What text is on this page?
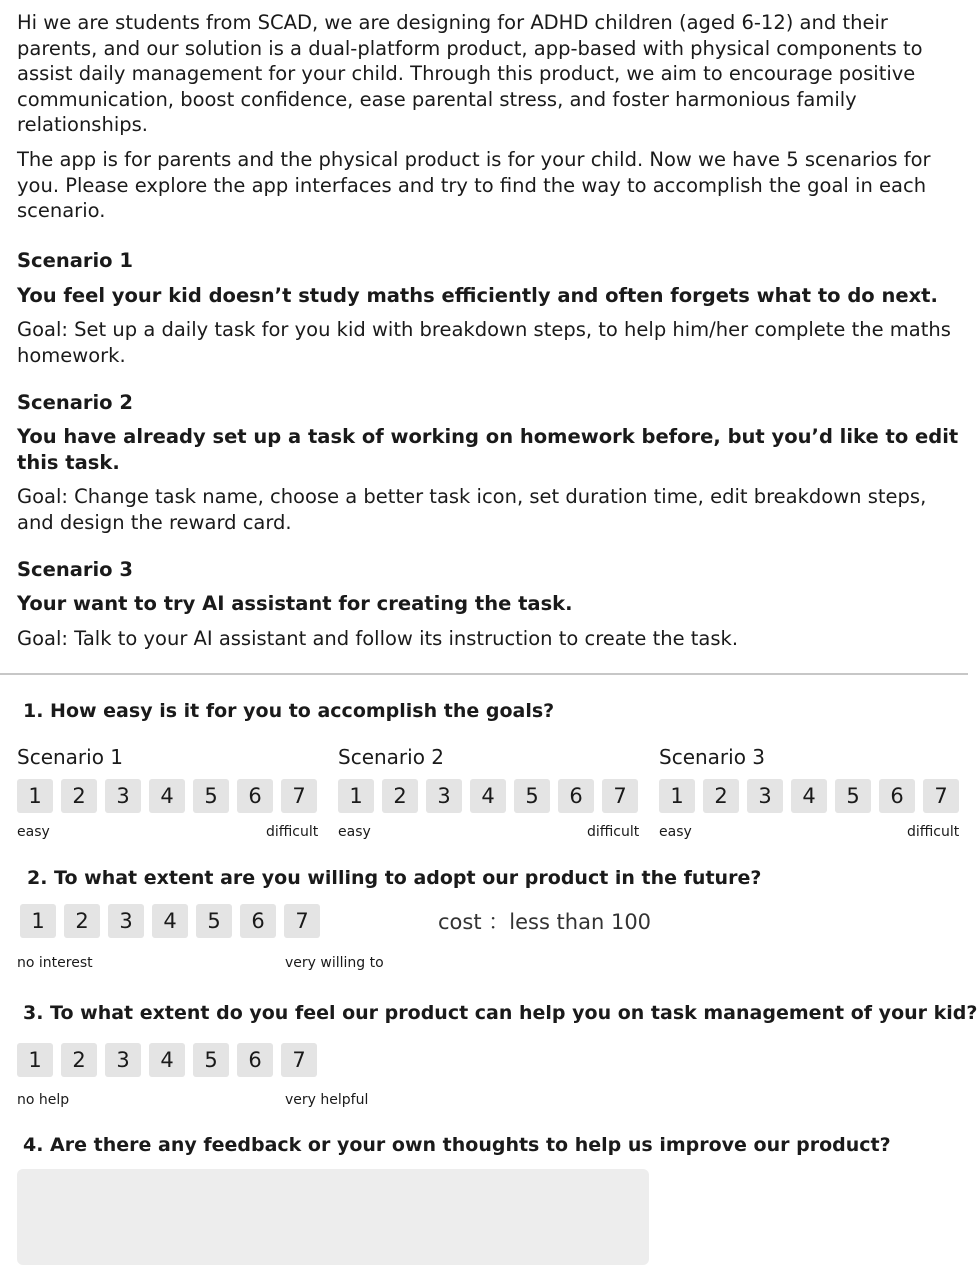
Hi we are students from SCAD, we are designing for ADHD children (aged 6-12) and their parents, and our solution is a dual-platform product, app-based with physical components to assist daily management for your child. Through this product, we aim to encourage positive communication, boost confidence, ease parental stress, and foster harmonious family relationships.

The app is for parents and the physical product is for your child. Now we have 5 scenarios for you. Please explore the app interfaces and try to find the way to accomplish the goal in each scenario.

Scenario 1
You feel your kid doesn’t study maths efficiently and often forgets what to do next.
Goal: Set up a daily task for you kid with breakdown steps, to help him/her complete the maths homework.
Scenario 2
You have already set up a task of working on homework before, but you’d like to edit this task.
Goal: Change task name, choose a better task icon, set duration time, edit breakdown steps, and design the reward card.
Scenario 3
Your want to try AI assistant for creating the task.
Goal: Talk to your AI assistant and follow its instruction to create the task.
1. How easy is it for you to accomplish the goals?
Scenario 1
1	2	3	4	5	6	7
easy	difficult
Scenario 2
1	2	3	4	5	6	7
easy	difficult
Scenario 3
1	2	3	4	5	6	7
easy	difficult
2. To what extent are you willing to adopt our product in the future?
1	2	3	4	5	6	7	cost ：less than 100
no interest	very willing to
3. To what extent do you feel our product can help you on task management of your kid?
1	2	3	4	5	6	7
no help	very helpful
4. Are there any feedback or your own thoughts to help us improve our product?
